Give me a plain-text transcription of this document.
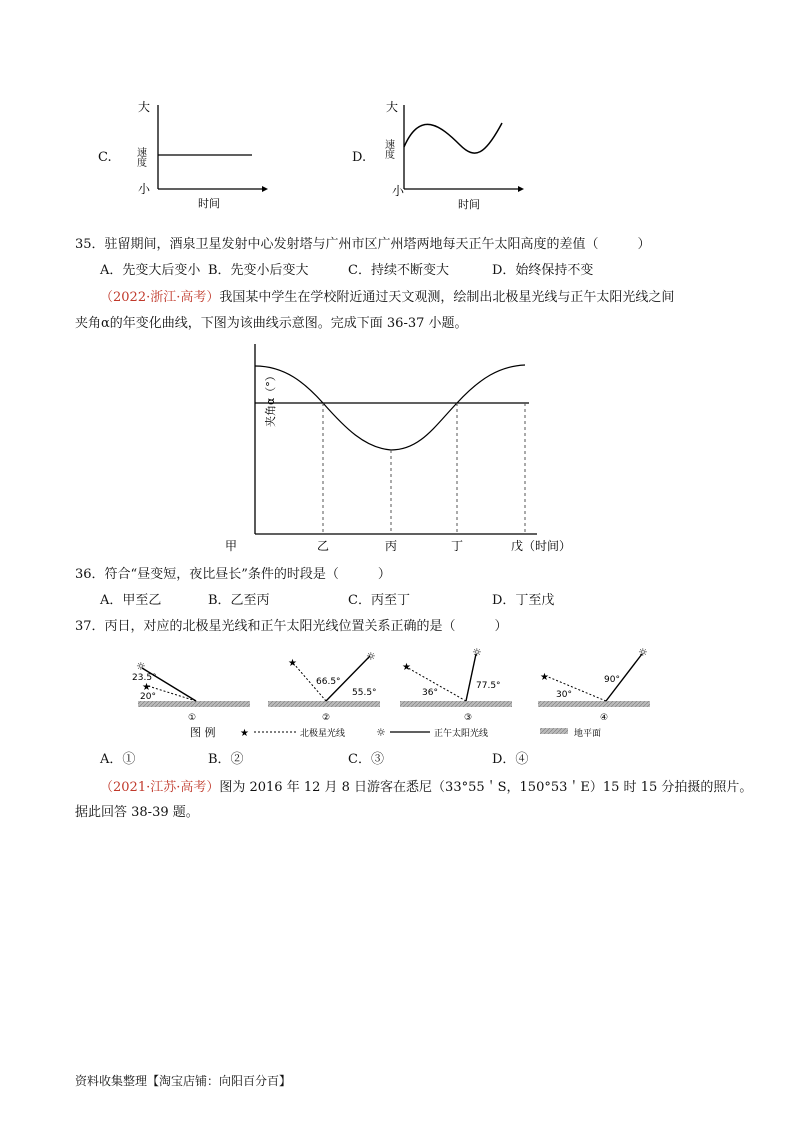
C.
大
速度
小
时间
D.
大
速度
小
时间
35．驻留期间，酒泉卫星发射中心发射塔与广州市区广州塔两地每天正午太阳高度的差值（　　　）
A．先变大后变小 B．先变小后变大	C．持续不断变大	D．始终保持不变
（2022·浙江·高考）我国某中学生在学校附近通过天文观测，绘制出北极星光线与正午太阳光线之间
夹角α的年变化曲线，下图为该曲线示意图。完成下面 36-37 小题。
夹角α（°）
甲	乙	丙	丁	戊（时间）
36．符合“昼变短，夜比昼长”条件的时段是（　　　）
A．甲至乙	B．乙至丙	C．丙至丁	D．丁至戊
37．丙日，对应的北极星光线和正午太阳光线位置关系正确的是（　　　）
☼
★
23.5°
20°
①
☼
★
66.5°
55.5°
②
☼
★
36°
77.5°
③
☼
★
30°
90°
④
图 例 ★	北极星光线	☼	正午太阳光线	地平面
A．①	B．②	C．③	D．④
（2021·江苏·高考）图为 2016 年 12 月 8 日游客在悉尼（33°55＇S，150°53＇E）15 时 15 分拍摄的照片。
据此回答 38-39 题。
资料收集整理【淘宝店铺：向阳百分百】
